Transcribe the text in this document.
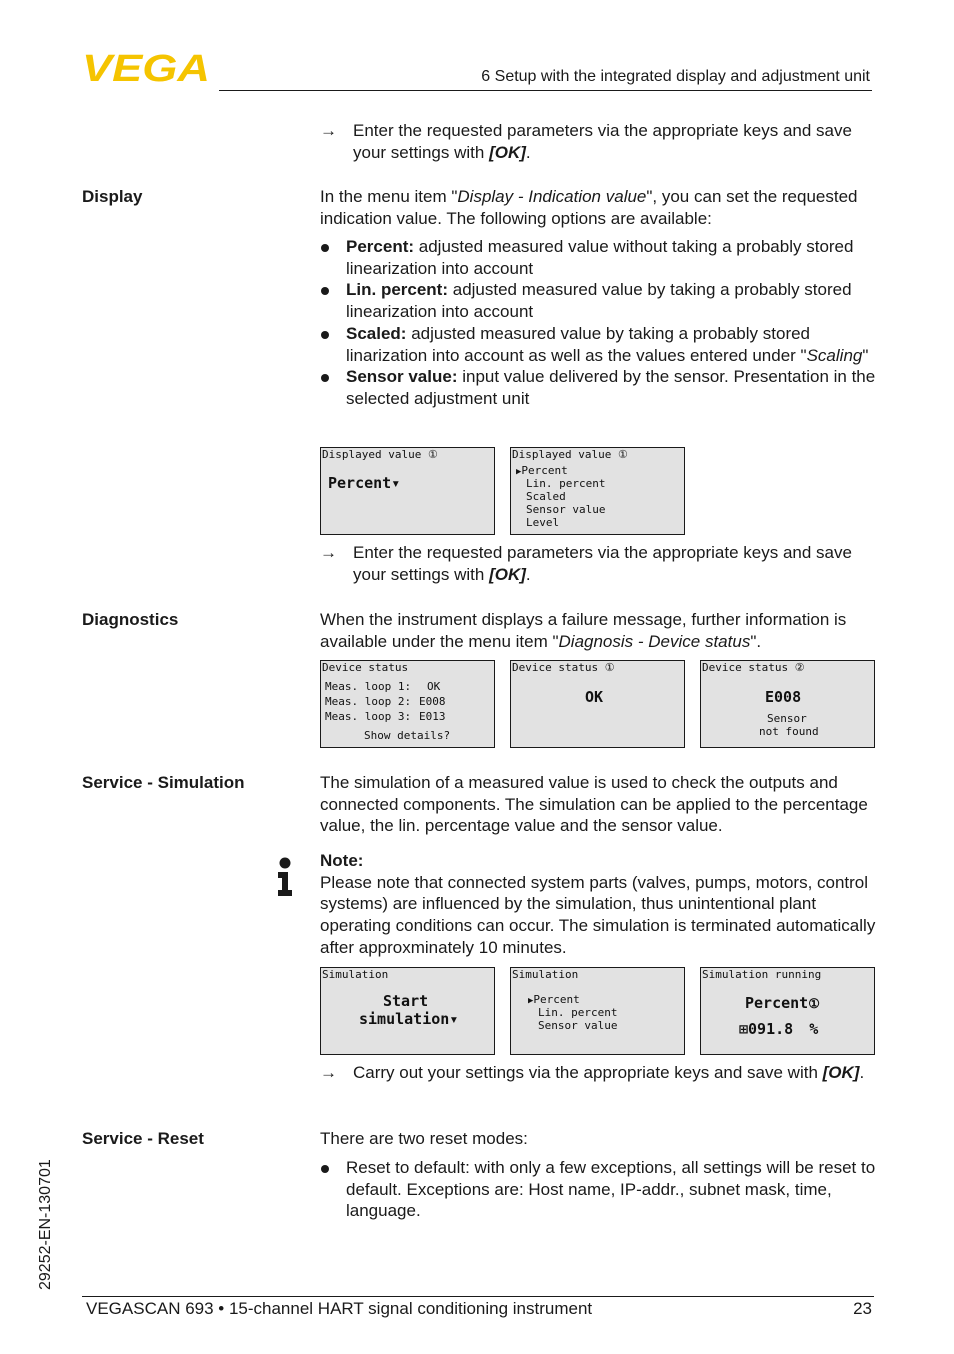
VEGA	6 Setup with the integrated display and adjustment unit
→ Enter the requested parameters via the appropriate keys and save your settings with [OK].
Display	In the menu item "Display - Indication value", you can set the requested indication value. The following options are available:
Percent: adjusted measured value without taking a probably stored linearization into account
Lin. percent: adjusted measured value by taking a probably stored linearization into account
Scaled: adjusted measured value by taking a probably stored linarization into account as well as the values entered under "Scaling"
Sensor value: input value delivered by the sensor. Presentation in the selected adjustment unit
Displayed value ①
Percent▾
Displayed value ①
▶Percent
Lin. percent
Scaled
Sensor value
Level
→ Enter the requested parameters via the appropriate keys and save your settings with [OK].
Diagnostics	When the instrument displays a failure message, further information is available under the menu item "Diagnosis - Device status".
Device status
Meas. loop 1: OK
Meas. loop 2: E008
Meas. loop 3: E013
Show details?
Device status ①
OK
Device status ②
E008
Sensor
not found
Service - Simulation	The simulation of a measured value is used to check the outputs and connected components. The simulation can be applied to the percentage value, the lin. percentage value and the sensor value.
Note:
Please note that connected system parts (valves, pumps, motors, control systems) are influenced by the simulation, thus unintentional plant operating conditions can occur. The simulation is terminated automatically after approxminately 10 minutes.
Simulation
Start
simulation▾
Simulation
▶Percent
Lin. percent
Sensor value
Simulation running
Percent①
⊞091.8 %
→ Carry out your settings via the appropriate keys and save with [OK].
Service - Reset	There are two reset modes:
Reset to default: with only a few exceptions, all settings will be reset to default. Exceptions are: Host name, IP-addr., subnet mask, time, language.
29252-EN-130701
VEGASCAN 693 • 15-channel HART signal conditioning instrument	23
